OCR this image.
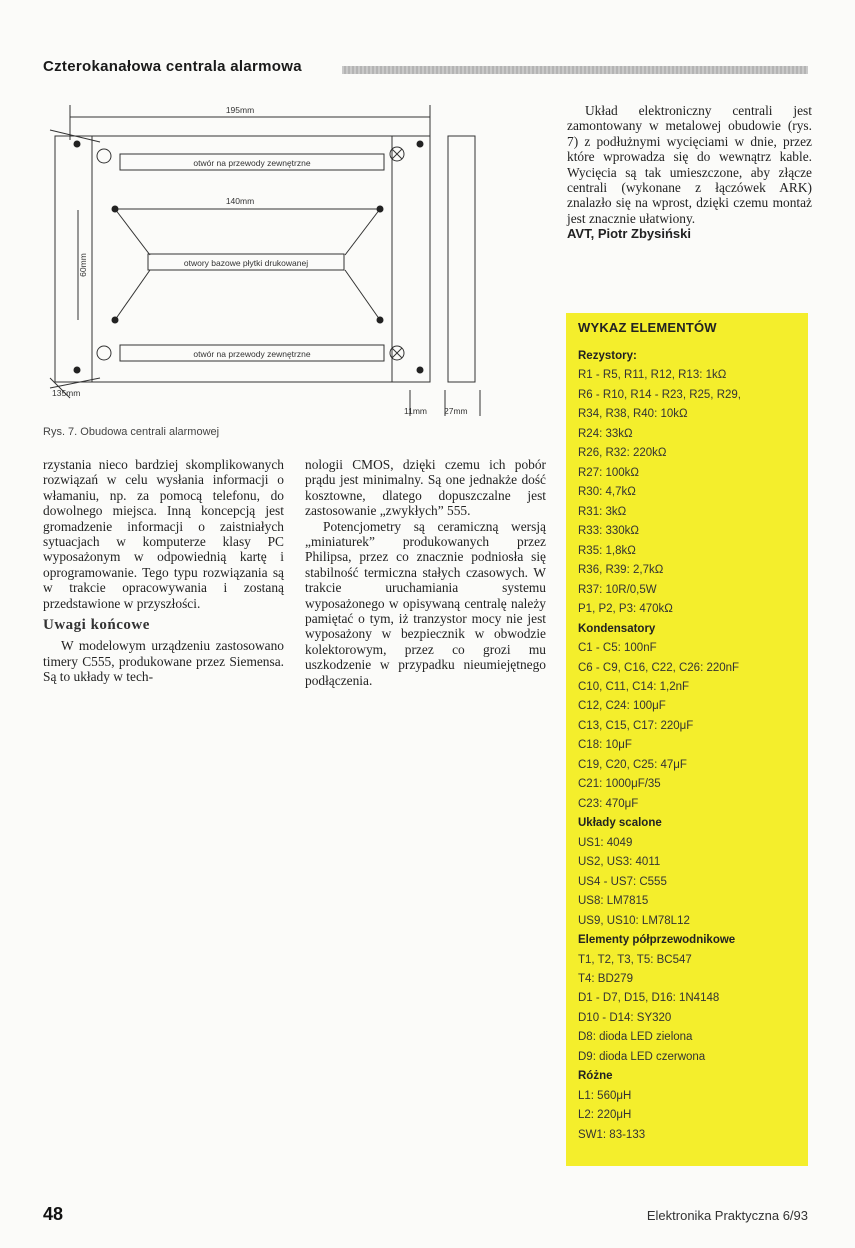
Czterokanałowa centrala alarmowa
195mm
otwór na przewody zewnętrzne
140mm
otwory bazowe płytki drukowanej
otwór na przewody zewnętrzne
60mm
135mm
11mm 27mm
Rys. 7. Obudowa centrali alarmowej

rzystania nieco bardziej skomplikowanych rozwiązań w celu wysłania informacji o włamaniu, np. za pomocą telefonu, do dowolnego miejsca. Inną koncepcją jest gromadzenie informacji o zaistniałych sytuacjach w komputerze klasy PC wyposażonym w odpowiednią kartę i oprogramowanie. Tego typu rozwiązania są w trakcie opracowywania i zostaną przedstawione w przyszłości.

Uwagi końcowe

W modelowym urządzeniu zastosowano timery C555, produkowane przez Siemensa. Są to układy w tech-

nologii CMOS, dzięki czemu ich pobór prądu jest minimalny. Są one jednakże dość kosztowne, dlatego dopuszczalne jest zastosowanie „zwykłych” 555.

Potencjometry są ceramiczną wersją „miniaturek” produkowanych przez Philipsa, przez co znacznie podniosła się stabilność termiczna stałych czasowych. W trakcie uruchamiania systemu wyposażonego w opisywaną centralę należy pamiętać o tym, iż tranzystor mocy nie jest wyposażony w bezpiecznik w obwodzie kolektorowym, przez co grozi mu uszkodzenie w przypadku nieumiejętnego podłączenia.

Układ elektroniczny centrali jest zamontowany w metalowej obudowie (rys. 7) z podłużnymi wycięciami w dnie, przez które wprowadza się do wewnątrz kable. Wycięcia są tak umieszczone, aby złącze centrali (wykonane z łączówek ARK) znalazło się na wprost, dzięki czemu montaż jest znacznie ułatwiony.

AVT, Piotr Zbysiński

WYKAZ ELEMENTÓW
Rezystory:
R1 - R5, R11, R12, R13: 1kΩ
R6 - R10, R14 - R23, R25, R29,
R34, R38, R40: 10kΩ
R24: 33kΩ
R26, R32: 220kΩ
R27: 100kΩ
R30: 4,7kΩ
R31: 3kΩ
R33: 330kΩ
R35: 1,8kΩ
R36, R39: 2,7kΩ
R37: 10R/0,5W
P1, P2, P3: 470kΩ
Kondensatory
C1 - C5: 100nF
C6 - C9, C16, C22, C26: 220nF
C10, C11, C14: 1,2nF
C12, C24: 100μF
C13, C15, C17: 220μF
C18: 10μF
C19, C20, C25: 47μF
C21: 1000μF/35
C23: 470μF
Układy scalone
US1: 4049
US2, US3: 4011
US4 - US7: C555
US8: LM7815
US9, US10: LM78L12
Elementy półprzewodnikowe
T1, T2, T3, T5: BC547
T4: BD279
D1 - D7, D15, D16: 1N4148
D10 - D14: SY320
D8: dioda LED zielona
D9: dioda LED czerwona
Różne
L1: 560μH
L2: 220μH
SW1: 83-133
48	Elektronika Praktyczna 6/93
